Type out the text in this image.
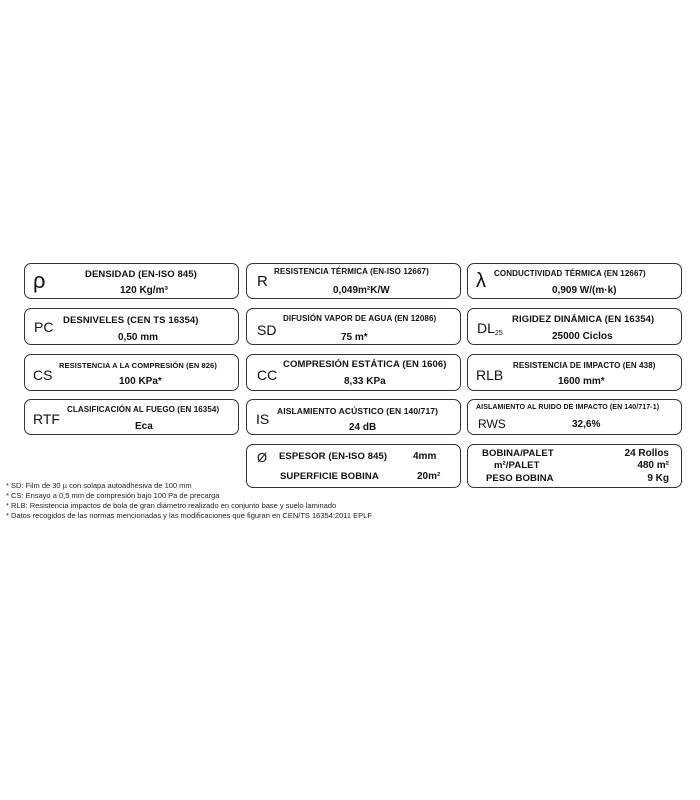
ρ	DENSIDAD (EN-ISO 845)
120 Kg/m³
R
RESISTENCIA TÉRMICA (EN-ISO 12667)
0,049m²K/W	λ CONDUCTIVIDAD TÉRMICA (EN 12667)
0,909 W/(m·k)
PC DESNIVELES (CEN TS 16354)
0,50 mm	SD
DIFUSIÓN VAPOR DE AGUA (EN 12086)
75 m*
$DL_{25}$
RIGIDEZ DINÁMICA (EN 16354)
25000 Ciclos
CS
RESISTENCIA A LA COMPRESIÓN (EN 826)
100 KPa*	CC
COMPRESIÓN ESTÁTICA (EN 1606)
8,33 KPa	RLB
RESISTENCIA DE IMPACTO (EN 438)
1600 mm*
RTF
CLASIFICACIÓN AL FUEGO (EN 16354)
Eca	IS AISLAMIENTO ACÚSTICO (EN 140/717)
24 dB
AISLAMIENTO AL RUIDO DE IMPACTO (EN 140/717-1)
RWS	32,6%
Ø ESPESOR (EN-ISO 845)	4mm
SUPERFICIE BOBINA	20m²
BOBINA/PALET	24 Rollos
m²/PALET	480 m²
PESO BOBINA	9 Kg
* SD: Film de 30 µ con solapa autoadhesiva de 100 mm
* CS: Ensayo a 0,5 mm de compresión bajo 100 Pa de precarga
* RLB: Resistencia impactos de bola de gran diámetro realizado en conjunto base y suelo laminado
* Datos recogidos de las normas mencionadas y las modificaciones que figuran en CEN/TS 16354:2011 EPLF
